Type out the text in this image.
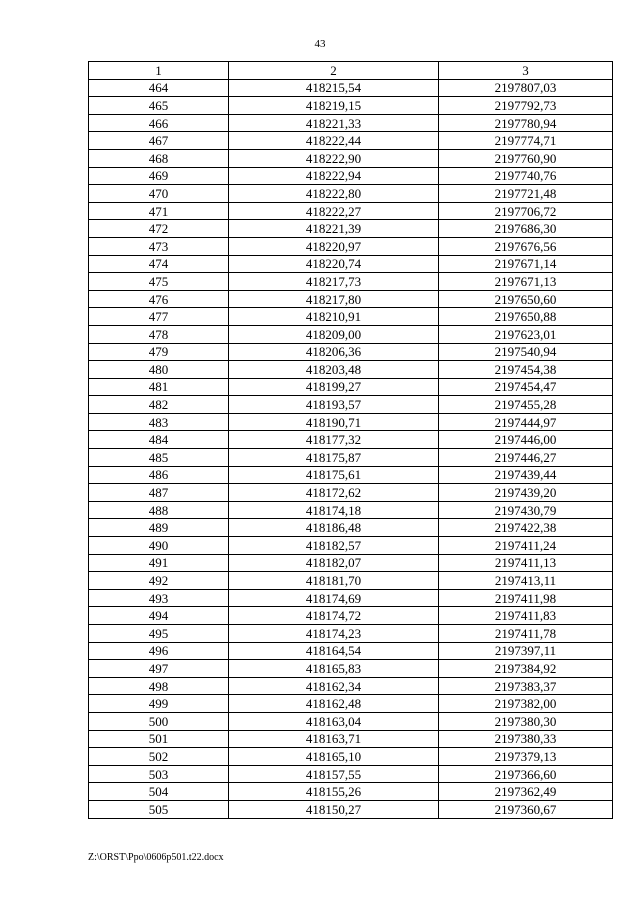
43
1	2	3
464	418215,54	2197807,03
465	418219,15	2197792,73
466	418221,33	2197780,94
467	418222,44	2197774,71
468	418222,90	2197760,90
469	418222,94	2197740,76
470	418222,80	2197721,48
471	418222,27	2197706,72
472	418221,39	2197686,30
473	418220,97	2197676,56
474	418220,74	2197671,14
475	418217,73	2197671,13
476	418217,80	2197650,60
477	418210,91	2197650,88
478	418209,00	2197623,01
479	418206,36	2197540,94
480	418203,48	2197454,38
481	418199,27	2197454,47
482	418193,57	2197455,28
483	418190,71	2197444,97
484	418177,32	2197446,00
485	418175,87	2197446,27
486	418175,61	2197439,44
487	418172,62	2197439,20
488	418174,18	2197430,79
489	418186,48	2197422,38
490	418182,57	2197411,24
491	418182,07	2197411,13
492	418181,70	2197413,11
493	418174,69	2197411,98
494	418174,72	2197411,83
495	418174,23	2197411,78
496	418164,54	2197397,11
497	418165,83	2197384,92
498	418162,34	2197383,37
499	418162,48	2197382,00
500	418163,04	2197380,30
501	418163,71	2197380,33
502	418165,10	2197379,13
503	418157,55	2197366,60
504	418155,26	2197362,49
505	418150,27	2197360,67
Z:\ORST\Ppo\0606p501.t22.docx
